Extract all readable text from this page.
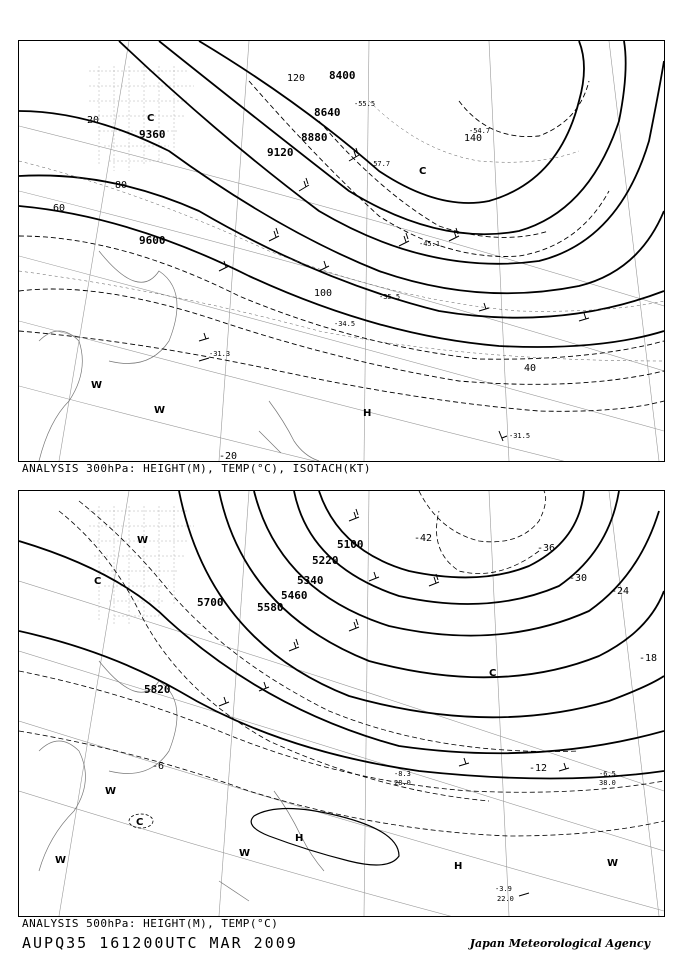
8400
8640
8880
9120
9360
9600
20
40
60
80
100
120
140
-31.5
-31.3
-34.5
-35.5
-45.1
-54.7
-55.5
-57.7
C
C
H
W
W
-20
ANALYSIS 300hPa: HEIGHT(M), TEMP(°C), ISOTACH(KT)
5100
5220
5340
5460
5580
5700
5820
-42
-36
-30
-24
-18
-12
-6
-3.9
22.0
-8.3
28.0
-6.5
38.0
C
C
H
H
W
W
W
W
C
W
ANALYSIS 500hPa: HEIGHT(M), TEMP(°C)
AUPQ35 161200UTC MAR 2009	Japan Meteorological Agency
